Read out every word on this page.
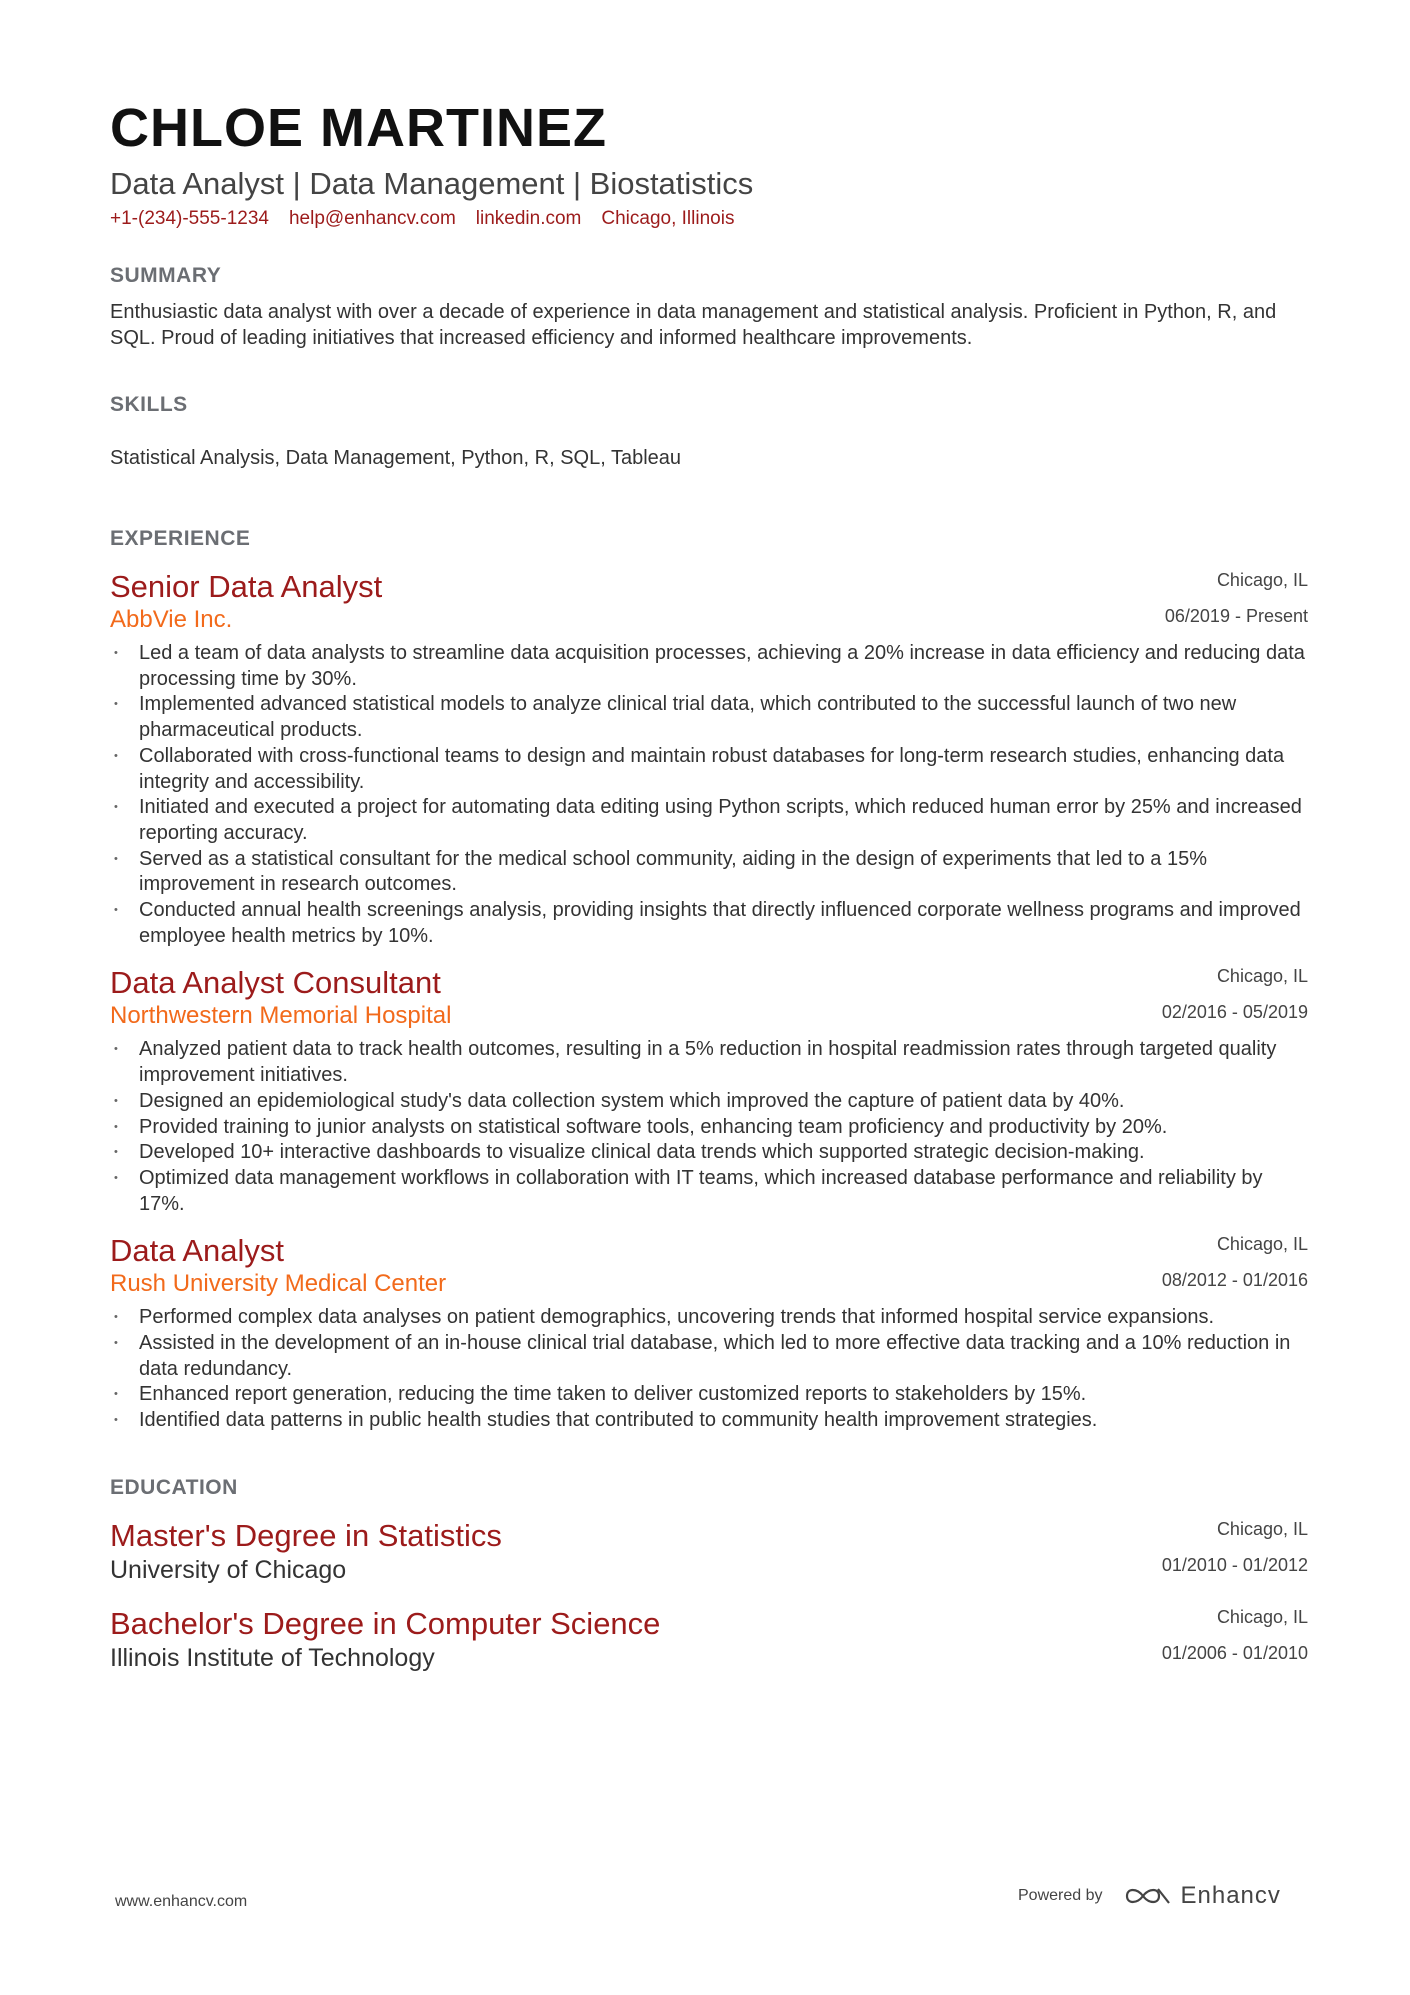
CHLOE MARTINEZ
Data Analyst | Data Management | Biostatistics
+1-(234)-555-1234 help@enhancv.com linkedin.com Chicago, Illinois
SUMMARY
Enthusiastic data analyst with over a decade of experience in data management and statistical analysis. Proficient in Python, R, and SQL. Proud of leading initiatives that increased efficiency and informed healthcare improvements.
SKILLS
Statistical Analysis, Data Management, Python, R, SQL, Tableau
EXPERIENCE
Senior Data Analyst
AbbVie Inc.
Chicago, IL
06/2019 - Present
• Led a team of data analysts to streamline data acquisition processes, achieving a 20% increase in data efficiency and reducing data processing time by 30%.
• Implemented advanced statistical models to analyze clinical trial data, which contributed to the successful launch of two new pharmaceutical products.
• Collaborated with cross-functional teams to design and maintain robust databases for long-term research studies, enhancing data integrity and accessibility.
• Initiated and executed a project for automating data editing using Python scripts, which reduced human error by 25% and increased reporting accuracy.
• Served as a statistical consultant for the medical school community, aiding in the design of experiments that led to a 15% improvement in research outcomes.
• Conducted annual health screenings analysis, providing insights that directly influenced corporate wellness programs and improved employee health metrics by 10%.
Data Analyst Consultant
Northwestern Memorial Hospital
Chicago, IL
02/2016 - 05/2019
• Analyzed patient data to track health outcomes, resulting in a 5% reduction in hospital readmission rates through targeted quality improvement initiatives.
• Designed an epidemiological study's data collection system which improved the capture of patient data by 40%.
• Provided training to junior analysts on statistical software tools, enhancing team proficiency and productivity by 20%.
• Developed 10+ interactive dashboards to visualize clinical data trends which supported strategic decision-making.
• Optimized data management workflows in collaboration with IT teams, which increased database performance and reliability by 17%.
Data Analyst
Rush University Medical Center
Chicago, IL
08/2012 - 01/2016
• Performed complex data analyses on patient demographics, uncovering trends that informed hospital service expansions.
• Assisted in the development of an in-house clinical trial database, which led to more effective data tracking and a 10% reduction in data redundancy.
• Enhanced report generation, reducing the time taken to deliver customized reports to stakeholders by 15%.
• Identified data patterns in public health studies that contributed to community health improvement strategies.
EDUCATION
Master's Degree in Statistics
University of Chicago
Chicago, IL
01/2010 - 01/2012
Bachelor's Degree in Computer Science
Illinois Institute of Technology
Chicago, IL
01/2006 - 01/2010
www.enhancv.com	Powered by	Enhancv
